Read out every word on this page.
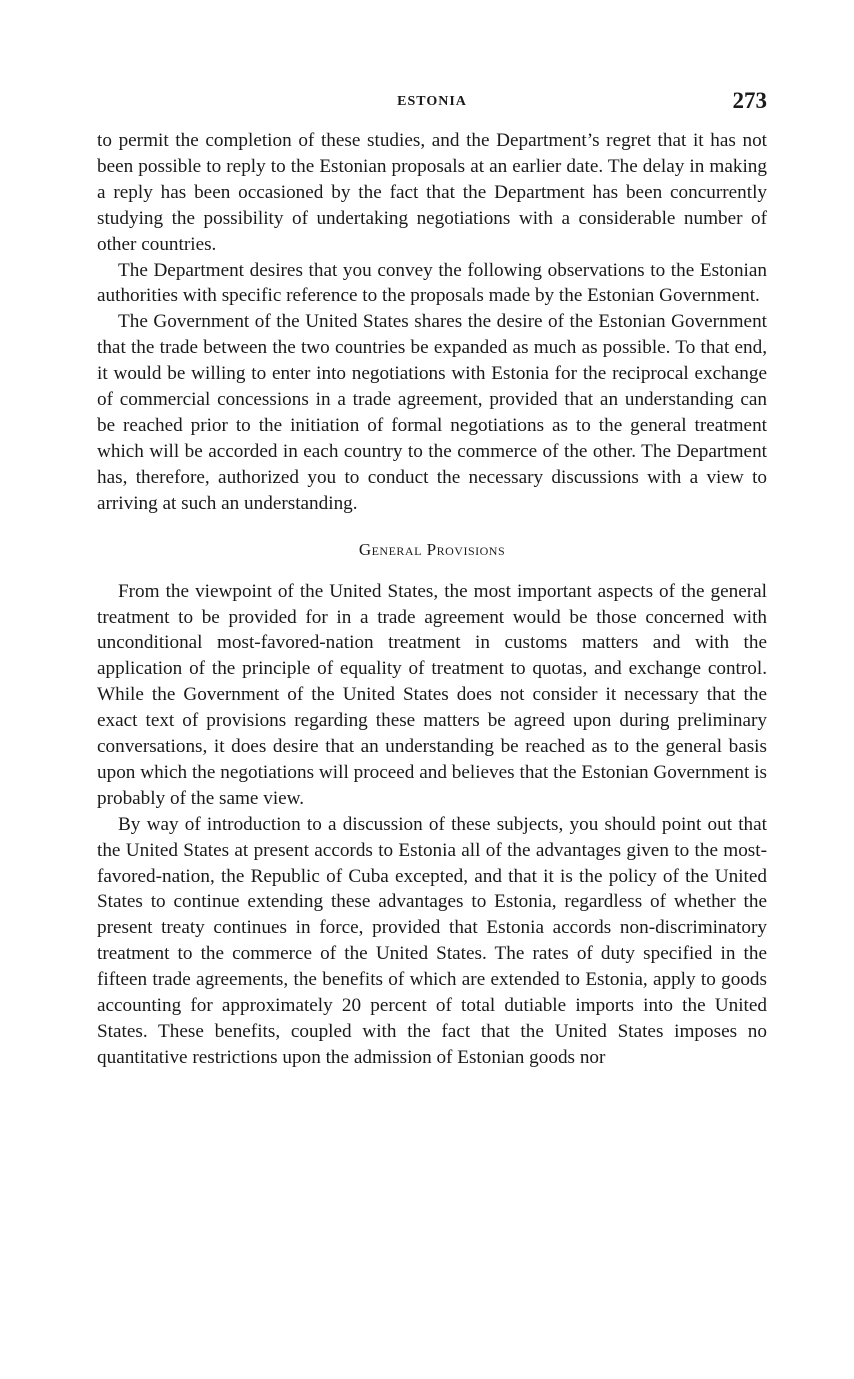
ESTONIA	273

to permit the completion of these studies, and the Department’s regret that it has not been possible to reply to the Estonian proposals at an earlier date. The delay in making a reply has been occasioned by the fact that the Department has been concurrently studying the possibility of undertaking negotiations with a considerable number of other countries.

The Department desires that you convey the following observations to the Estonian authorities with specific reference to the proposals made by the Estonian Government.

The Government of the United States shares the desire of the Estonian Government that the trade between the two countries be expanded as much as possible. To that end, it would be willing to enter into negotiations with Estonia for the reciprocal exchange of commercial concessions in a trade agreement, provided that an understanding can be reached prior to the initiation of formal negotiations as to the general treatment which will be accorded in each country to the commerce of the other. The Department has, therefore, authorized you to conduct the necessary discussions with a view to arriving at such an understanding.

General Provisions

From the viewpoint of the United States, the most important aspects of the general treatment to be provided for in a trade agreement would be those concerned with unconditional most-favored-nation treatment in customs matters and with the application of the principle of equality of treatment to quotas, and exchange control. While the Government of the United States does not consider it necessary that the exact text of provisions regarding these matters be agreed upon during preliminary conversations, it does desire that an understanding be reached as to the general basis upon which the negotiations will proceed and believes that the Estonian Government is probably of the same view.

By way of introduction to a discussion of these subjects, you should point out that the United States at present accords to Estonia all of the advantages given to the most-favored-nation, the Republic of Cuba excepted, and that it is the policy of the United States to continue extending these advantages to Estonia, regardless of whether the present treaty continues in force, provided that Estonia accords non-discriminatory treatment to the commerce of the United States. The rates of duty specified in the fifteen trade agreements, the benefits of which are extended to Estonia, apply to goods accounting for approximately 20 percent of total dutiable imports into the United States. These benefits, coupled with the fact that the United States imposes no quantitative restrictions upon the admission of Estonian goods nor
